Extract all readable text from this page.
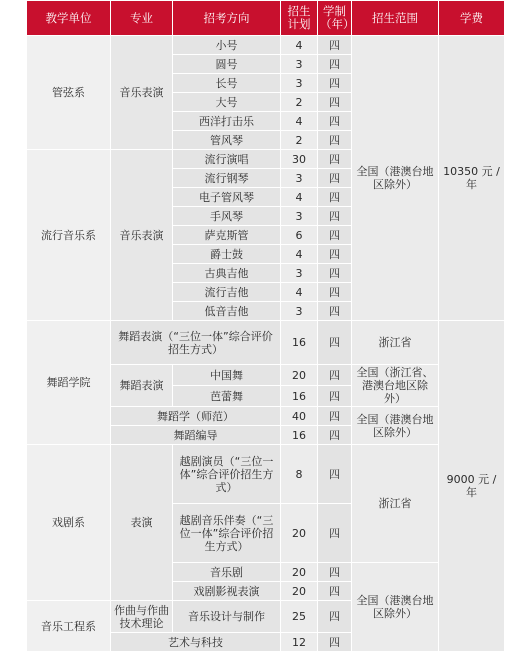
教学单位	专业	招考方向	招生计划	学制（年）	招生范围	学费
管弦系	音乐表演	小号	4	四	全国（港澳台地区除外）	10350 元 / 年
		圆号	3	四		
		长号	3	四		
		大号	2	四		
		西洋打击乐	4	四		
		管风琴	2	四		
流行音乐系	音乐表演	流行演唱	30	四		
		流行钢琴	3	四		
		电子管风琴	4	四		
		手风琴	3	四		
		萨克斯管	6	四		
		爵士鼓	4	四		
		古典吉他	3	四		
		流行吉他	4	四		
		低音吉他	3	四		
舞蹈学院	舞蹈表演（“三位一体”综合评价招生方式）		16	四	浙江省	9000 元 / 年
	舞蹈表演	中国舞	20	四	全国（浙江省、港澳台地区除外）	
		芭蕾舞	16	四		
	舞蹈学（师范）		40	四	全国（港澳台地区除外）	
	舞蹈编导		16	四		
戏剧系	表演	越剧演员（“三位一体”综合评价招生方式）	8	四	浙江省	
		越剧音乐伴奏（“三位一体”综合评价招生方式）	20	四		
		音乐剧	20	四	全国（港澳台地区除外）	
		戏剧影视表演	20	四		
音乐工程系	作曲与作曲技术理论	音乐设计与制作	25	四		
	艺术与科技		12	四		
